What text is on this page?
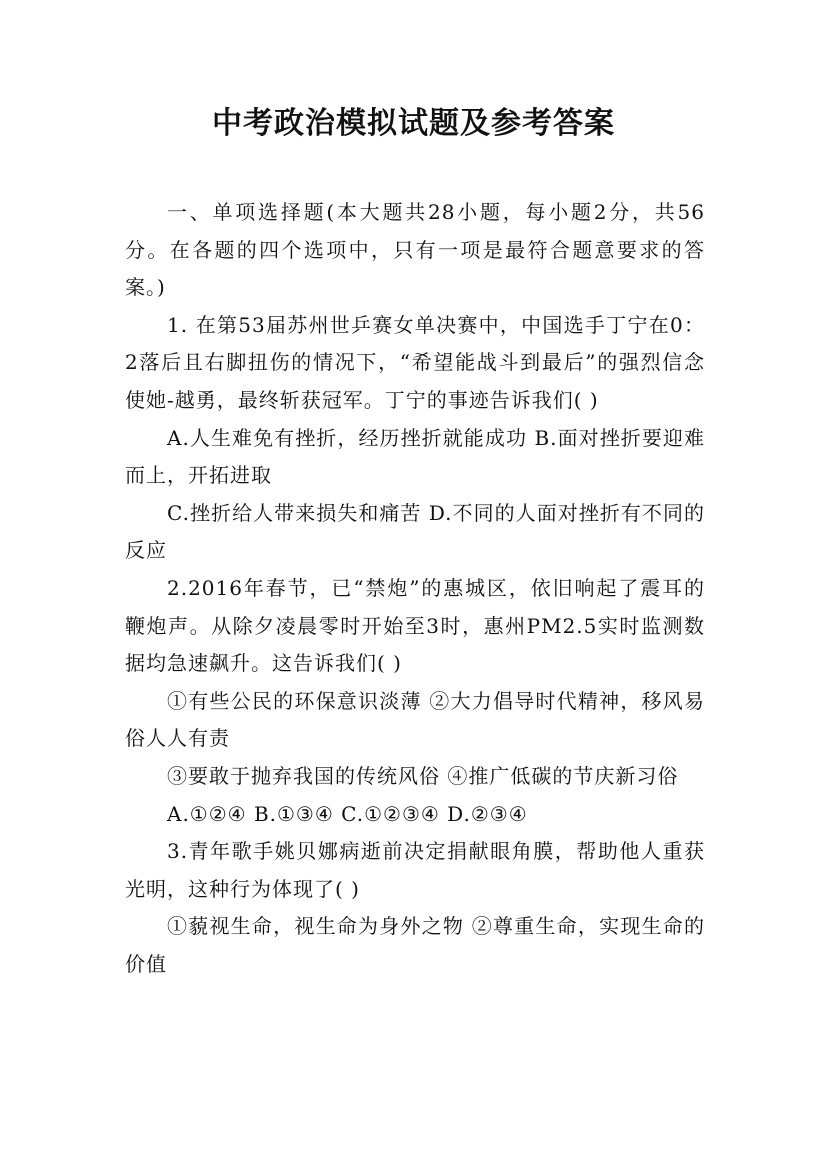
中考政治模拟试题及参考答案

一、单项选择题(本大题共28小题，每小题2分，共56分。在各题的四个选项中，只有一项是最符合题意要求的答案。)

1. 在第53届苏州世乒赛女单决赛中，中国选手丁宁在0：2落后且右脚扭伤的情况下，“希望能战斗到最后”的强烈信念使她-越勇，最终斩获冠军。丁宁的事迹告诉我们( )

A.人生难免有挫折，经历挫折就能成功 B.面对挫折要迎难而上，开拓进取

C.挫折给人带来损失和痛苦 D.不同的人面对挫折有不同的反应

2.2016年春节，已“禁炮”的惠城区，依旧响起了震耳的鞭炮声。从除夕凌晨零时开始至3时，惠州PM2.5实时监测数据均急速飙升。这告诉我们( )

①有些公民的环保意识淡薄 ②大力倡导时代精神，移风易俗人人有责

③要敢于抛弃我国的传统风俗 ④推广低碳的节庆新习俗

A.①②④ B.①③④ C.①②③④ D.②③④

3.青年歌手姚贝娜病逝前决定捐献眼角膜，帮助他人重获光明，这种行为体现了( )

①藐视生命，视生命为身外之物 ②尊重生命，实现生命的价值
